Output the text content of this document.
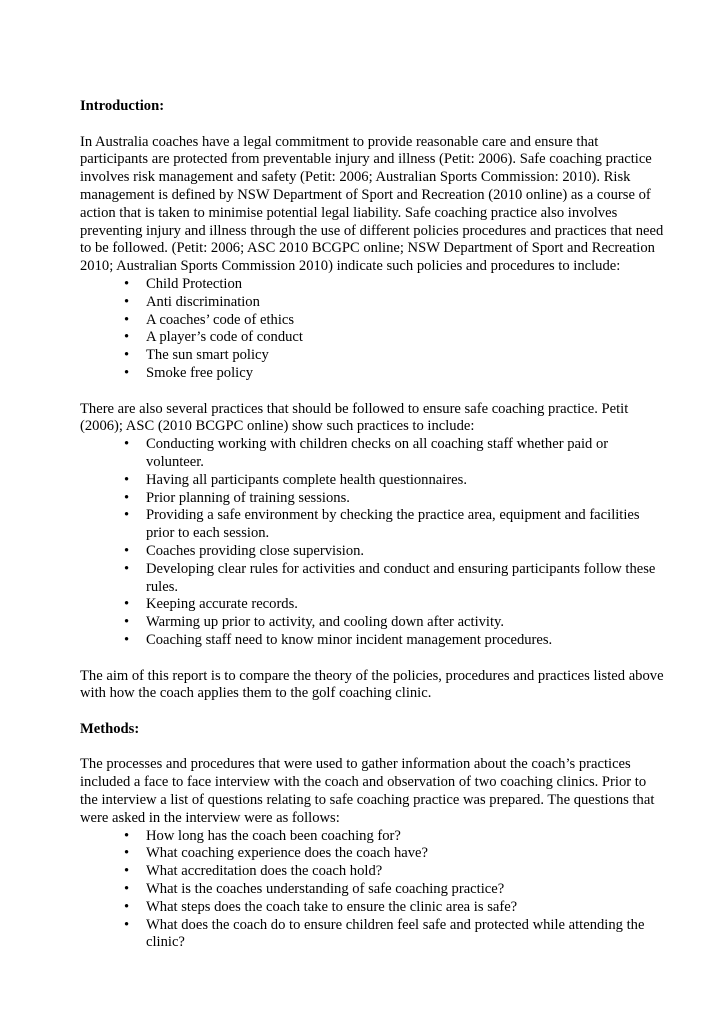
Introduction:

In Australia coaches have a legal commitment to provide reasonable care and ensure that participants are protected from preventable injury and illness (Petit: 2006). Safe coaching practice involves risk management and safety (Petit: 2006; Australian Sports Commission: 2010). Risk management is defined by NSW Department of Sport and Recreation (2010 online) as a course of action that is taken to minimise potential legal liability. Safe coaching practice also involves preventing injury and illness through the use of different policies procedures and practices that need to be followed. (Petit: 2006; ASC 2010 BCGPC online; NSW Department of Sport and Recreation 2010; Australian Sports Commission 2010) indicate such policies and procedures to include:

• Child Protection
• Anti discrimination
• A coaches’ code of ethics
• A player’s code of conduct
• The sun smart policy
• Smoke free policy

There are also several practices that should be followed to ensure safe coaching practice. Petit (2006); ASC (2010 BCGPC online) show such practices to include:

• Conducting working with children checks on all coaching staff whether paid or volunteer.
• Having all participants complete health questionnaires.
• Prior planning of training sessions.
• Providing a safe environment by checking the practice area, equipment and facilities prior to each session.
• Coaches providing close supervision.
• Developing clear rules for activities and conduct and ensuring participants follow these rules.
• Keeping accurate records.
• Warming up prior to activity, and cooling down after activity.
• Coaching staff need to know minor incident management procedures.

The aim of this report is to compare the theory of the policies, procedures and practices listed above with how the coach applies them to the golf coaching clinic.

Methods:

The processes and procedures that were used to gather information about the coach’s practices included a face to face interview with the coach and observation of two coaching clinics. Prior to the interview a list of questions relating to safe coaching practice was prepared. The questions that were asked in the interview were as follows:

• How long has the coach been coaching for?
• What coaching experience does the coach have?
• What accreditation does the coach hold?
• What is the coaches understanding of safe coaching practice?
• What steps does the coach take to ensure the clinic area is safe?
• What does the coach do to ensure children feel safe and protected while attending the clinic?
